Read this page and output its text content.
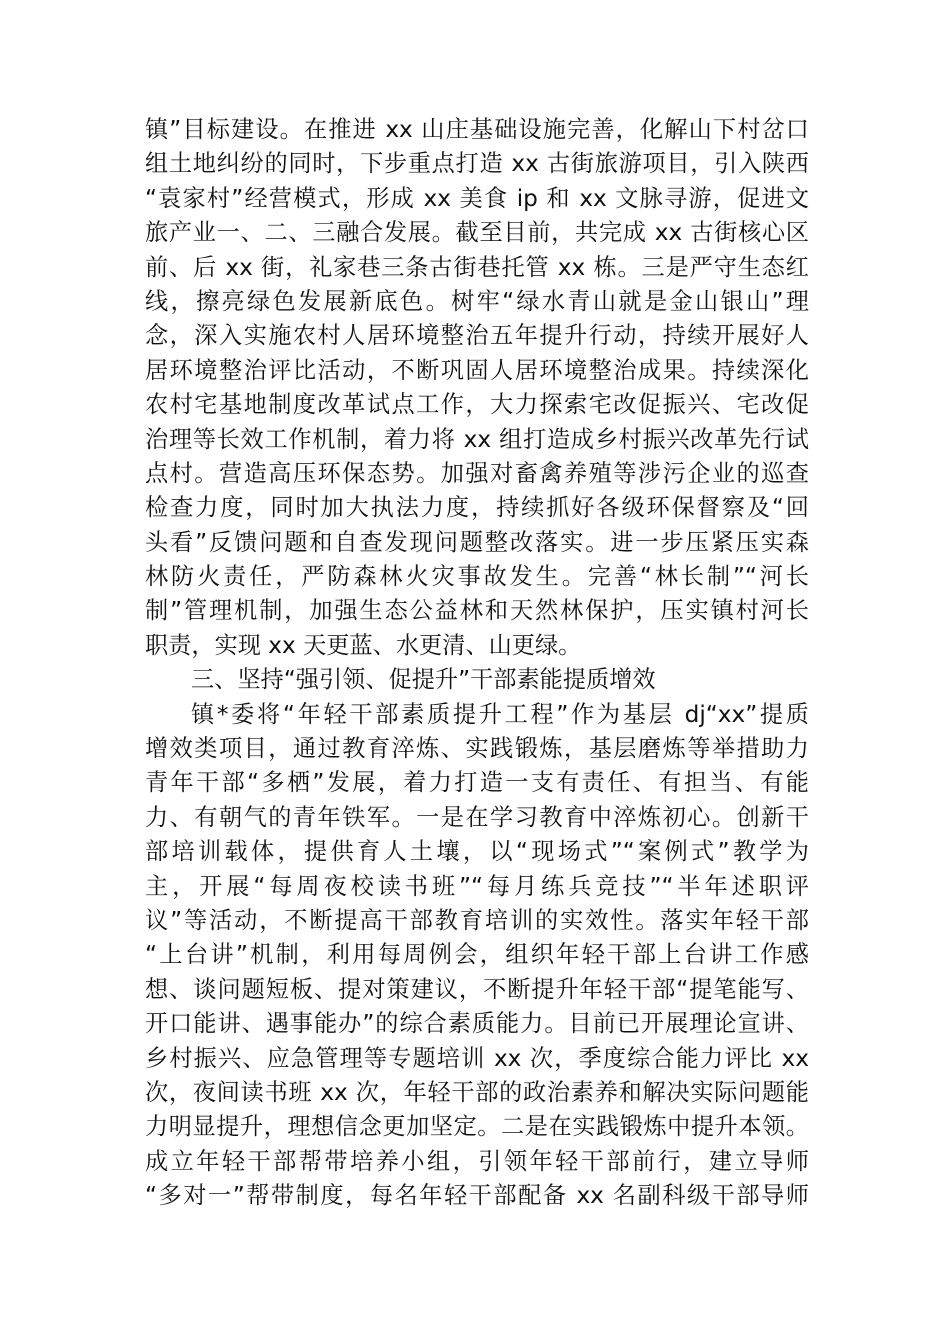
镇”目标建设。在推进 xx 山庄基础设施完善，化解山下村岔口
组土地纠纷的同时，下步重点打造 xx 古街旅游项目，引入陕西
“袁家村”经营模式，形成 xx 美食 ip 和 xx 文脉寻游，促进文
旅产业一、二、三融合发展。截至目前，共完成 xx 古街核心区
前、后 xx 街，礼家巷三条古街巷托管 xx 栋。三是严守生态红
线，擦亮绿色发展新底色。树牢“绿水青山就是金山银山”理
念，深入实施农村人居环境整治五年提升行动，持续开展好人
居环境整治评比活动，不断巩固人居环境整治成果。持续深化
农村宅基地制度改革试点工作，大力探索宅改促振兴、宅改促
治理等长效工作机制，着力将 xx 组打造成乡村振兴改革先行试
点村。营造高压环保态势。加强对畜禽养殖等涉污企业的巡查
检查力度，同时加大执法力度，持续抓好各级环保督察及“回
头看”反馈问题和自查发现问题整改落实。进一步压紧压实森
林防火责任，严防森林火灾事故发生。完善“林长制”“河长
制”管理机制，加强生态公益林和天然林保护，压实镇村河长
职责，实现 xx 天更蓝、水更清、山更绿。
三、坚持“强引领、促提升”干部素能提质增效
镇*委将“年轻干部素质提升工程”作为基层 dj“xx”提质
增效类项目，通过教育淬炼、实践锻炼，基层磨炼等举措助力
青年干部“多栖”发展，着力打造一支有责任、有担当、有能
力、有朝气的青年铁军。一是在学习教育中淬炼初心。创新干
部培训载体，提供育人土壤，以“现场式”“案例式”教学为
主，开展“每周夜校读书班”“每月练兵竞技”“半年述职评
议”等活动，不断提高干部教育培训的实效性。落实年轻干部
“上台讲”机制，利用每周例会，组织年轻干部上台讲工作感
想、谈问题短板、提对策建议，不断提升年轻干部“提笔能写、
开口能讲、遇事能办”的综合素质能力。目前已开展理论宣讲、
乡村振兴、应急管理等专题培训 xx 次，季度综合能力评比 xx
次，夜间读书班 xx 次，年轻干部的政治素养和解决实际问题能
力明显提升，理想信念更加坚定。二是在实践锻炼中提升本领。
成立年轻干部帮带培养小组，引领年轻干部前行，建立导师
“多对一”帮带制度，每名年轻干部配备 xx 名副科级干部导师
